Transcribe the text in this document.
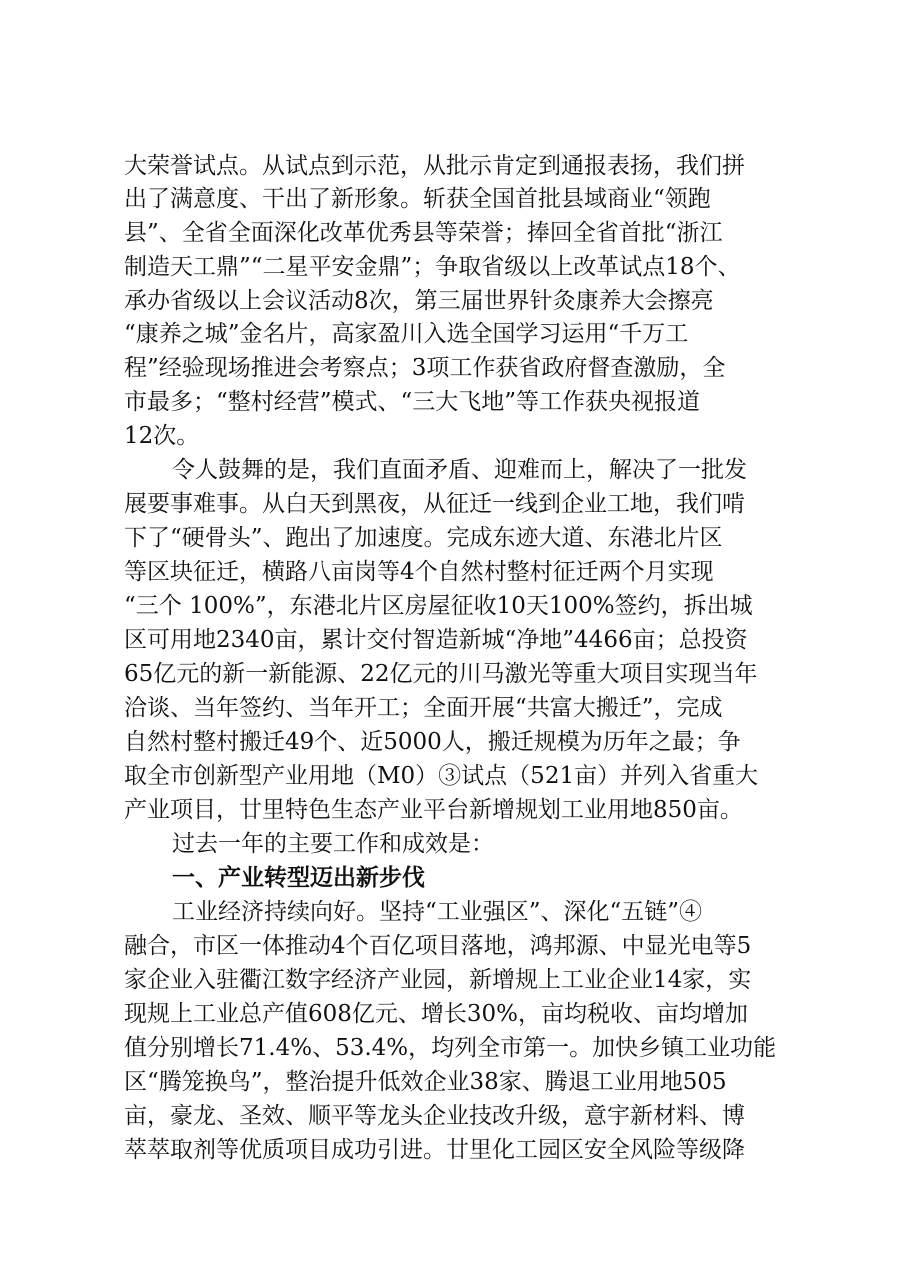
大荣誉试点。从试点到示范，从批示肯定到通报表扬，我们拼
出了满意度、干出了新形象。斩获全国首批县域商业“领跑
县”、全省全面深化改革优秀县等荣誉；捧回全省首批“浙江
制造天工鼎”“二星平安金鼎”；争取省级以上改革试点18个、
承办省级以上会议活动8次，第三届世界针灸康养大会擦亮
“康养之城”金名片，高家盈川入选全国学习运用“千万工
程”经验现场推进会考察点；3项工作获省政府督查激励，全
市最多；“整村经营”模式、“三大飞地”等工作获央视报道
12次。
令人鼓舞的是，我们直面矛盾、迎难而上，解决了一批发
展要事难事。从白天到黑夜，从征迁一线到企业工地，我们啃
下了“硬骨头”、跑出了加速度。完成东迹大道、东港北片区
等区块征迁，横路八亩岗等4个自然村整村征迁两个月实现
“三个 100%”，东港北片区房屋征收10天100%签约，拆出城
区可用地2340亩，累计交付智造新城“净地”4466亩；总投资
65亿元的新一新能源、22亿元的川马激光等重大项目实现当年
洽谈、当年签约、当年开工；全面开展“共富大搬迁”，完成
自然村整村搬迁49个、近5000人，搬迁规模为历年之最；争
取全市创新型产业用地（M0）③试点（521亩）并列入省重大
产业项目，廿里特色生态产业平台新增规划工业用地850亩。
过去一年的主要工作和成效是：
一、产业转型迈出新步伐
工业经济持续向好。坚持“工业强区”、深化“五链”④
融合，市区一体推动4个百亿项目落地，鸿邦源、中显光电等5
家企业入驻衢江数字经济产业园，新增规上工业企业14家，实
现规上工业总产值608亿元、增长30%，亩均税收、亩均增加
值分别增长71.4%、53.4%，均列全市第一。加快乡镇工业功能
区“腾笼换鸟”，整治提升低效企业38家、腾退工业用地505
亩，豪龙、圣效、顺平等龙头企业技改升级，意宇新材料、博
萃萃取剂等优质项目成功引进。廿里化工园区安全风险等级降
